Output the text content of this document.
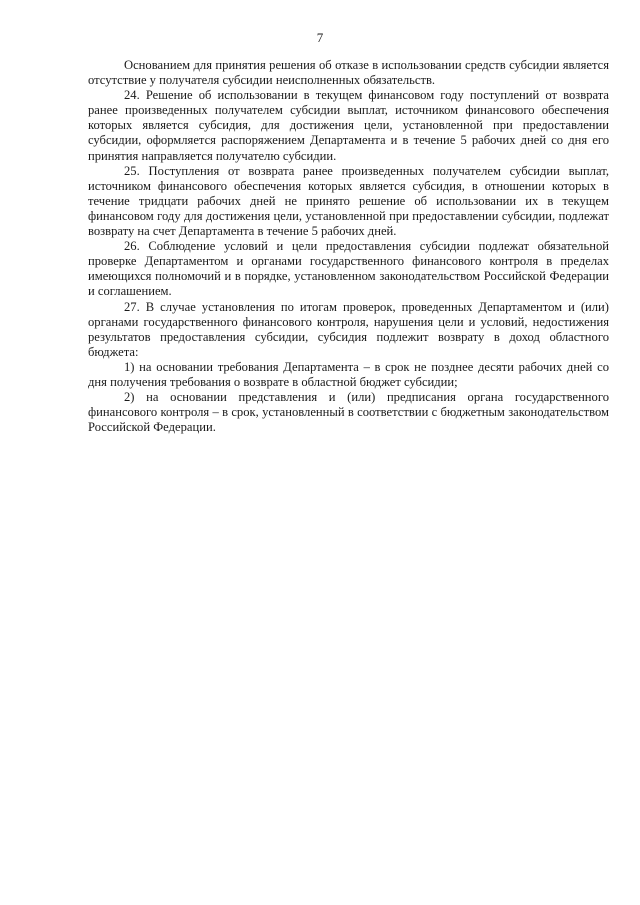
7

Основанием для принятия решения об отказе в использовании средств субсидии является отсутствие у получателя субсидии неисполненных обязательств.

24. Решение об использовании в текущем финансовом году поступлений от возврата ранее произведенных получателем субсидии выплат, источником финансового обеспечения которых является субсидия, для достижения цели, установленной при предоставлении субсидии, оформляется распоряжением Департамента и в течение 5 рабочих дней со дня его принятия направляется получателю субсидии.

25. Поступления от возврата ранее произведенных получателем субсидии выплат, источником финансового обеспечения которых является субсидия, в отношении которых в течение тридцати рабочих дней не принято решение об использовании их в текущем финансовом году для достижения цели, установленной при предоставлении субсидии, подлежат возврату на счет Департамента в течение 5 рабочих дней.

26. Соблюдение условий и цели предоставления субсидии подлежат обязательной проверке Департаментом и органами государственного финансового контроля в пределах имеющихся полномочий и в порядке, установленном законодательством Российской Федерации и соглашением.

27. В случае установления по итогам проверок, проведенных Департаментом и (или) органами государственного финансового контроля, нарушения цели и условий, недостижения результатов предоставления субсидии, субсидия подлежит возврату в доход областного бюджета:

1) на основании требования Департамента – в срок не позднее десяти рабочих дней со дня получения требования о возврате в областной бюджет субсидии;

2) на основании представления и (или) предписания органа государственного финансового контроля – в срок, установленный в соответствии с бюджетным законодательством Российской Федерации.
